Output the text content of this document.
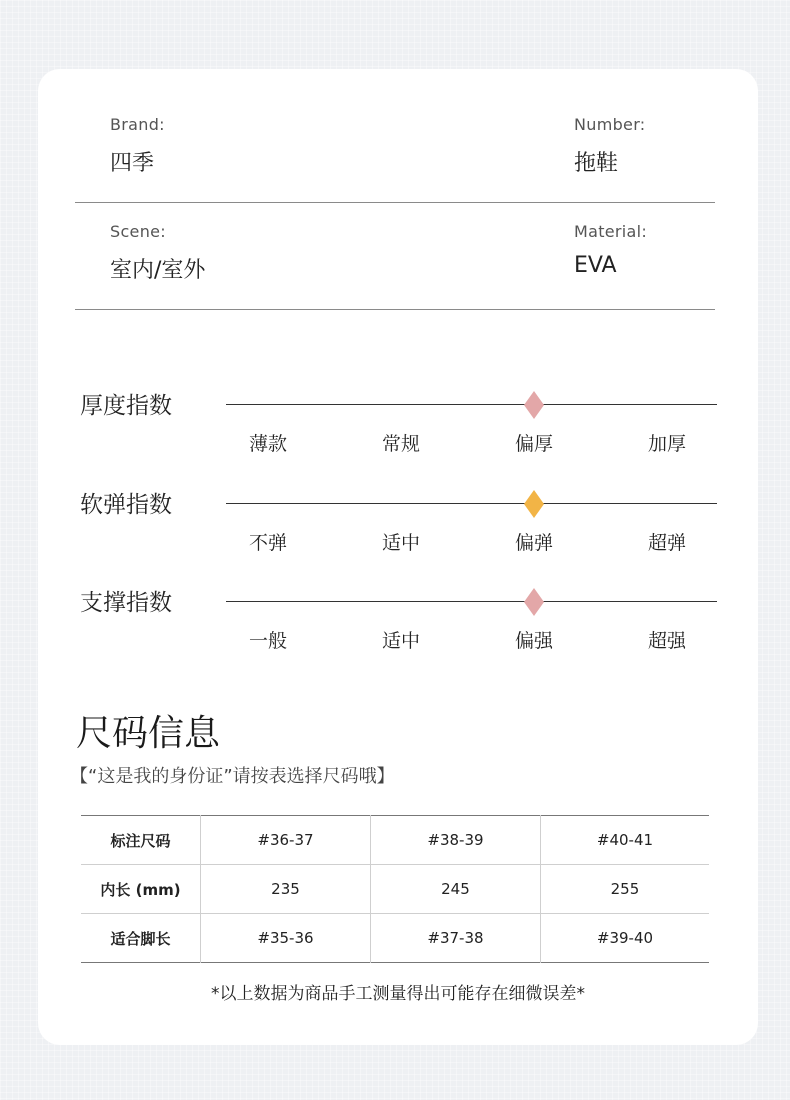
Brand:
四季
Number:
拖鞋
Scene:
室内/室外
Material:
EVA
厚度指数
薄款	常规	偏厚	加厚
软弹指数
不弹	适中	偏弹	超弹
支撑指数
一般	适中	偏强	超强
尺码信息
【“这是我的身份证”请按表选择尺码哦】
标注尺码	#36-37	#38-39	#40-41
内长 (mm)	235	245	255
适合脚长	#35-36	#37-38	#39-40
*以上数据为商品手工测量得出可能存在细微误差*
